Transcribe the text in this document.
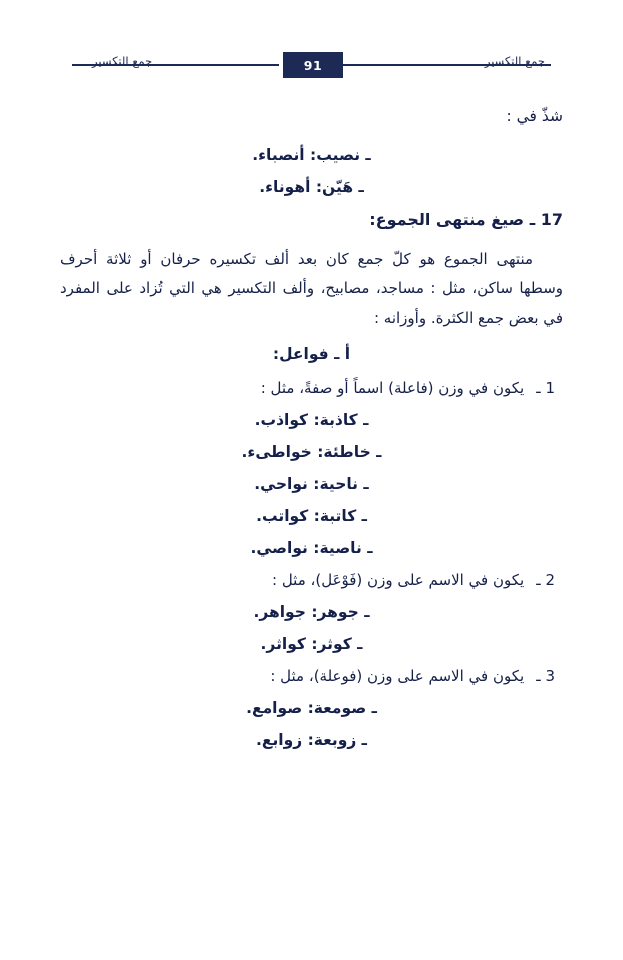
جمع التكسير
جمع التكسير	91

شذّ في :

ـ نصيب: أنصباء.

ـ هَيّن: أهوناء.

17 ـ صيغ منتهى الجموع:

منتهى الجموع هو كلّ جمع كان بعد ألف تكسيره حرفان أو ثلاثة أحرف وسطها ساكن، مثل : مساجد، مصابيح، وألف التكسير هي التي تُزاد على المفرد في بعض جمع الكثرة. وأوزانه :

أ ـ فواعل:

1 ـ يكون في وزن (فاعلة) اسماً أو صفةً، مثل :

ـ كاذبة: كواذب.

ـ خاطئة: خواطىء.

ـ ناحية: نواحي.

ـ كاتبة: كواتب.

ـ ناصية: نواصي.

2 ـ يكون في الاسم على وزن (فَوْعَل)، مثل :

ـ جوهر: جواهر.

ـ كوثر: كواثر.

3 ـ يكون في الاسم على وزن (فوعلة)، مثل :

ـ صومعة: صوامع.

ـ زوبعة: زوابع.
